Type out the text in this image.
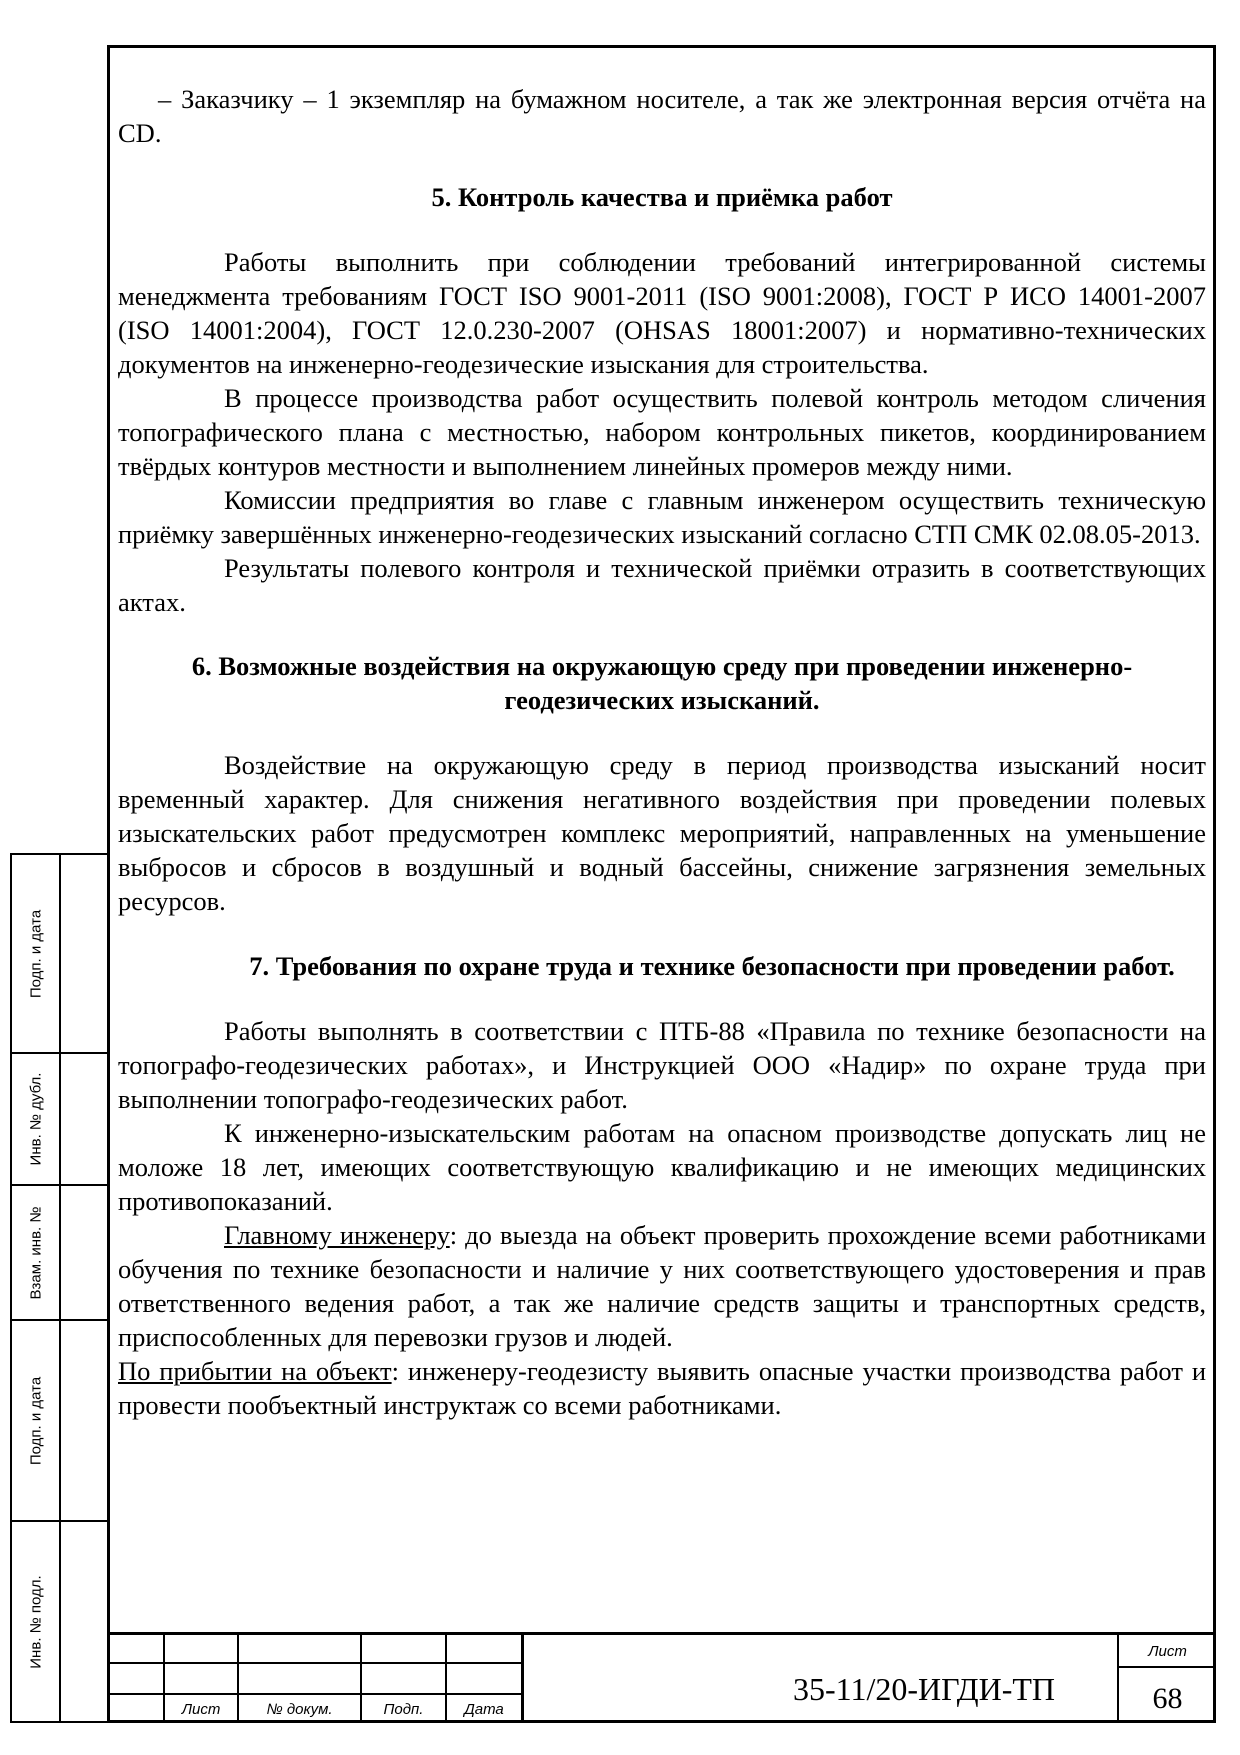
– Заказчику – 1 экземпляр на бумажном носителе, а так же электронная версия отчёта на CD.

5. Контроль качества и приёмка работ

Работы выполнить при соблюдении требований интегрированной системы менеджмента требованиям ГОСТ ISO 9001-2011 (ISO 9001:2008), ГОСТ Р ИСО 14001-2007 (ISO 14001:2004), ГОСТ 12.0.230-2007 (OHSAS 18001:2007) и нормативно-технических документов на инженерно-геодезические изыскания для строительства.

В процессе производства работ осуществить полевой контроль методом сличения топографического плана с местностью, набором контрольных пикетов, координированием твёрдых контуров местности и выполнением линейных промеров между ними.

Комиссии предприятия во главе с главным инженером осуществить техническую приёмку завершённых инженерно-геодезических изысканий согласно СТП СМК 02.08.05-2013.

Результаты полевого контроля и технической приёмки отразить в соответствующих актах.

6. Возможные воздействия на окружающую среду при проведении инженерно-геодезических изысканий.

Воздействие на окружающую среду в период производства изысканий носит временный характер. Для снижения негативного воздействия при проведении полевых изыскательских работ предусмотрен комплекс мероприятий, направленных на уменьшение выбросов и сбросов в воздушный и водный бассейны, снижение загрязнения земельных ресурсов.

7. Требования по охране труда и технике безопасности при проведении работ.

Работы выполнять в соответствии с ПТБ-88 «Правила по технике безопасности на топографо-геодезических работах», и Инструкцией ООО «Надир» по охране труда при выполнении топографо-геодезических работ.

К инженерно-изыскательским работам на опасном производстве допускать лиц не моложе 18 лет, имеющих соответствующую квалификацию и не имеющих медицинских противопоказаний.

Главному инженеру: до выезда на объект проверить прохождение всеми работниками обучения по технике безопасности и наличие у них соответствующего удостоверения и прав ответственного ведения работ, а так же наличие средств защиты и транспортных средств, приспособленных для перевозки грузов и людей.

По прибытии на объект: инженеру-геодезисту выявить опасные участки производства работ и провести пообъектный инструктаж со всеми работниками.

Подп. и дата
Инв. № дубл.
Взам. инв. №
Подп. и дата
Инв. № подл.
Лист	№ докум.	Подп.	Дата
35-11/20-ИГДИ-ТП
Лист
68
